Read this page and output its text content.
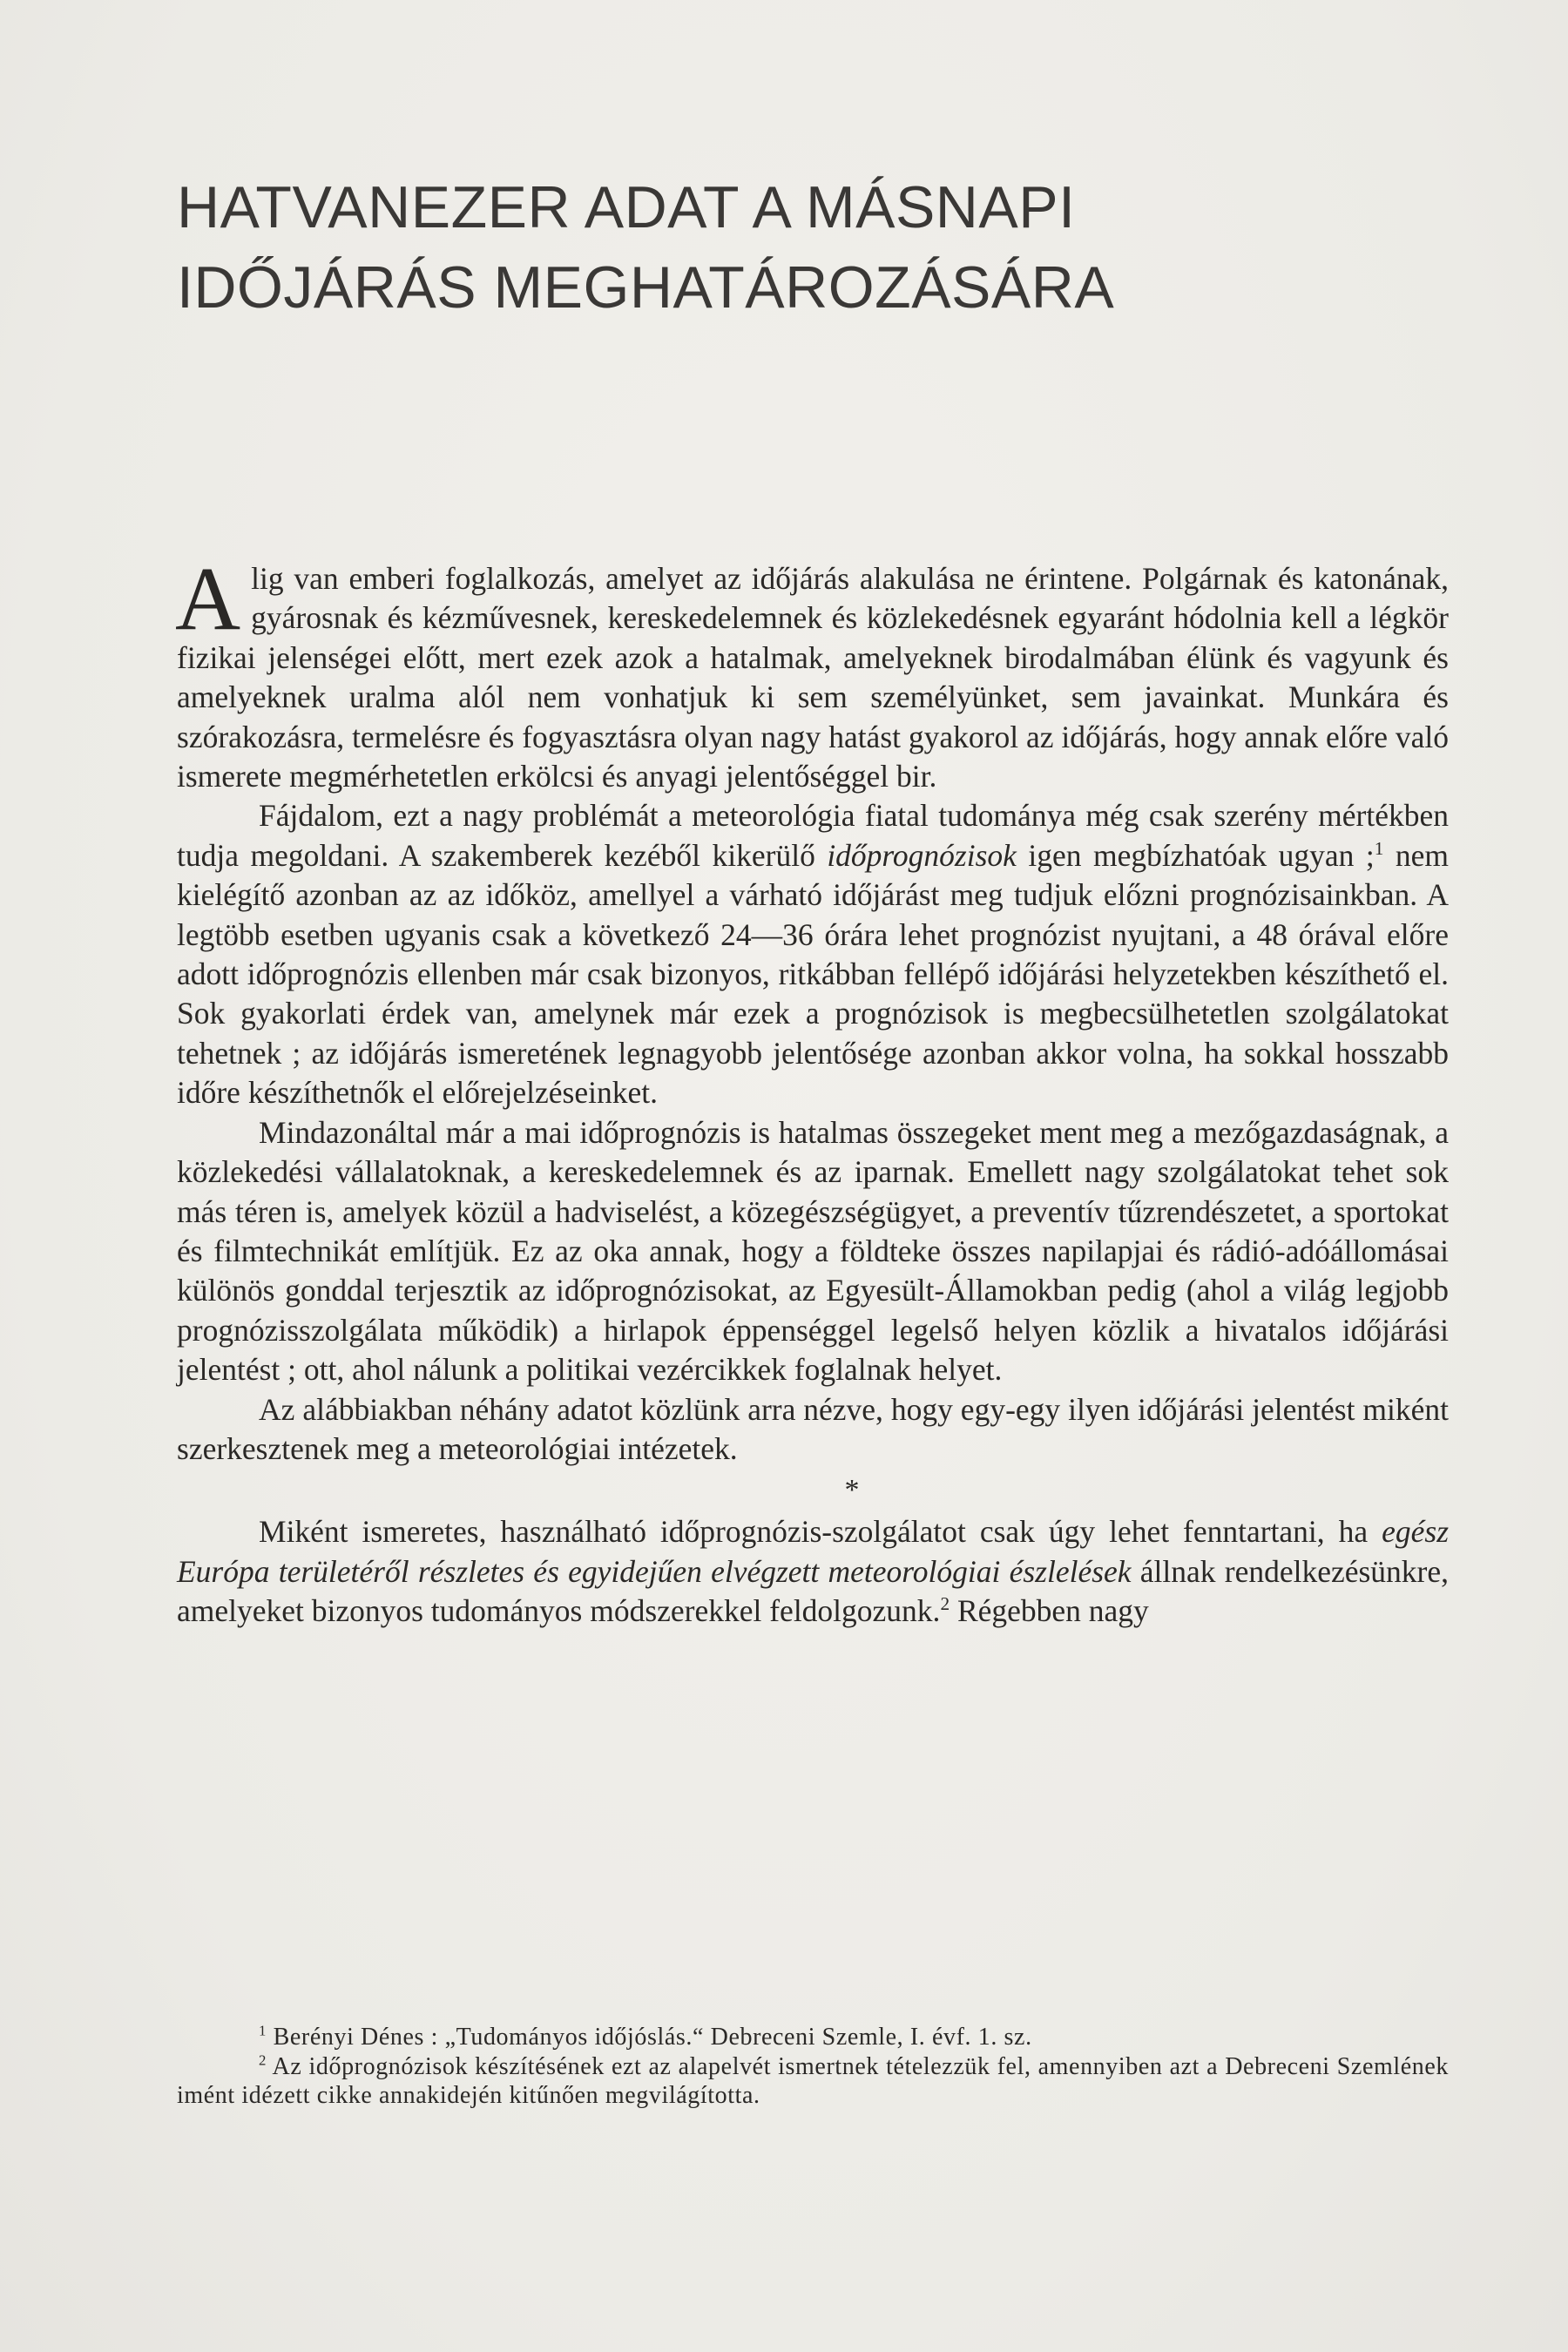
HATVANEZER ADAT A MÁSNAPI
IDŐJÁRÁS MEGHATÁROZÁSÁRA

Alig van emberi foglalkozás, amelyet az időjárás alakulása ne érintene. Polgárnak és katonának, gyárosnak és kézművesnek, kereskedelemnek és közlekedésnek egyaránt hódolnia kell a légkör fizikai jelenségei előtt, mert ezek azok a hatalmak, amelyeknek birodalmában élünk és vagyunk és amelyeknek uralma alól nem vonhatjuk ki sem személyünket, sem javainkat. Munkára és szórakozásra, termelésre és fogyasztásra olyan nagy hatást gyakorol az időjárás, hogy annak előre való ismerete megmérhetetlen erkölcsi és anyagi jelentőséggel bir.

Fájdalom, ezt a nagy problémát a meteorológia fiatal tudománya még csak szerény mértékben tudja megoldani. A szakemberek kezéből kikerülő időprognózisok igen megbízhatóak ugyan ;$^1$ nem kielégítő azonban az az időköz, amellyel a várható időjárást meg tudjuk előzni prognózisainkban. A legtöbb esetben ugyanis csak a következő 24—36 órára lehet prognózist nyujtani, a 48 órával előre adott időprognózis ellenben már csak bizonyos, ritkábban fellépő időjárási helyzetekben készíthető el. Sok gyakorlati érdek van, amelynek már ezek a prognózisok is megbecsülhetetlen szolgálatokat tehetnek ; az időjárás ismeretének legnagyobb jelentősége azonban akkor volna, ha sokkal hosszabb időre készíthetnők el előrejelzéseinket.

Mindazonáltal már a mai időprognózis is hatalmas összegeket ment meg a mezőgazdaságnak, a közlekedési vállalatoknak, a kereskedelemnek és az iparnak. Emellett nagy szolgálatokat tehet sok más téren is, amelyek közül a hadviselést, a közegészségügyet, a preventív tűzrendészetet, a sportokat és filmtechnikát említjük. Ez az oka annak, hogy a földteke összes napilapjai és rádió-adóállomásai különös gonddal terjesztik az időprognózisokat, az Egyesült-Államokban pedig (ahol a világ legjobb prognózisszolgálata működik) a hirlapok éppenséggel legelső helyen közlik a hivatalos időjárási jelentést ; ott, ahol nálunk a politikai vezércikkek foglalnak helyet.

Az alábbiakban néhány adatot közlünk arra nézve, hogy egy-egy ilyen időjárási jelentést miként szerkesztenek meg a meteorológiai intézetek.

*

Miként ismeretes, használható időprognózis-szolgálatot csak úgy lehet fenntartani, ha egész Európa területéről részletes és egyidejűen elvégzett meteorológiai észlelések állnak rendelkezésünkre, amelyeket bizonyos tudományos módszerekkel feldolgozunk.$^2$ Régebben nagy

$^1$ Berényi Dénes : „Tudományos időjóslás.“ Debreceni Szemle, I. évf. 1. sz.

$^2$ Az időprognózisok készítésének ezt az alapelvét ismertnek tételezzük fel, amennyiben azt a Debreceni Szemlének imént idézett cikke annakidején kitűnően megvilágította.
